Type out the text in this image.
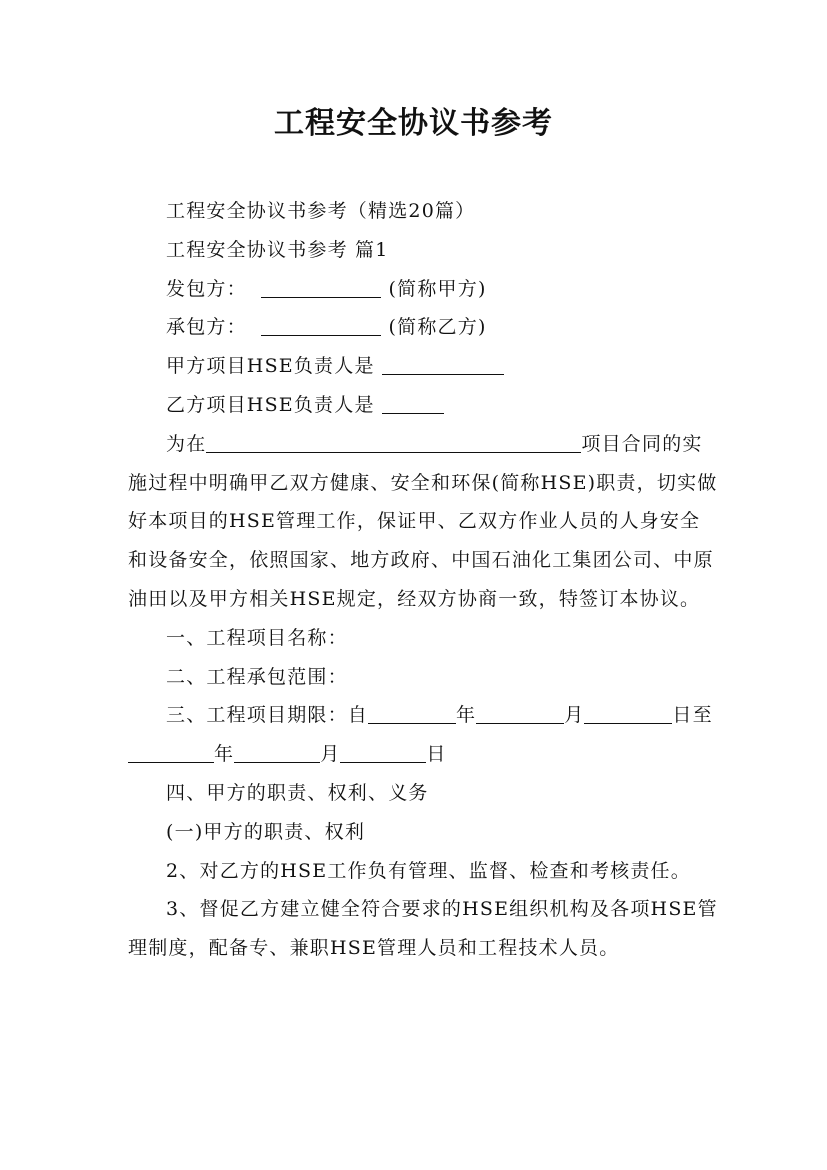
工程安全协议书参考

工程安全协议书参考（精选20篇）

工程安全协议书参考 篇1

发包方：	(简称甲方)

承包方：	(简称乙方)

甲方项目HSE负责人是

乙方项目HSE负责人是

为在	项目合同的实施过程中明确甲乙双方健康、安全和环保(简称HSE)职责，切实做好本项目的HSE管理工作，保证甲、乙双方作业人员的人身安全和设备安全，依照国家、地方政府、中国石油化工集团公司、中原油田以及甲方相关HSE规定，经双方协商一致，特签订本协议。

一、工程项目名称：

二、工程承包范围：

三、工程项目期限：自	年	月	日至年	月	日

四、甲方的职责、权利、义务

(一)甲方的职责、权利

2、对乙方的HSE工作负有管理、监督、检查和考核责任。

3、督促乙方建立健全符合要求的HSE组织机构及各项HSE管理制度，配备专、兼职HSE管理人员和工程技术人员。
